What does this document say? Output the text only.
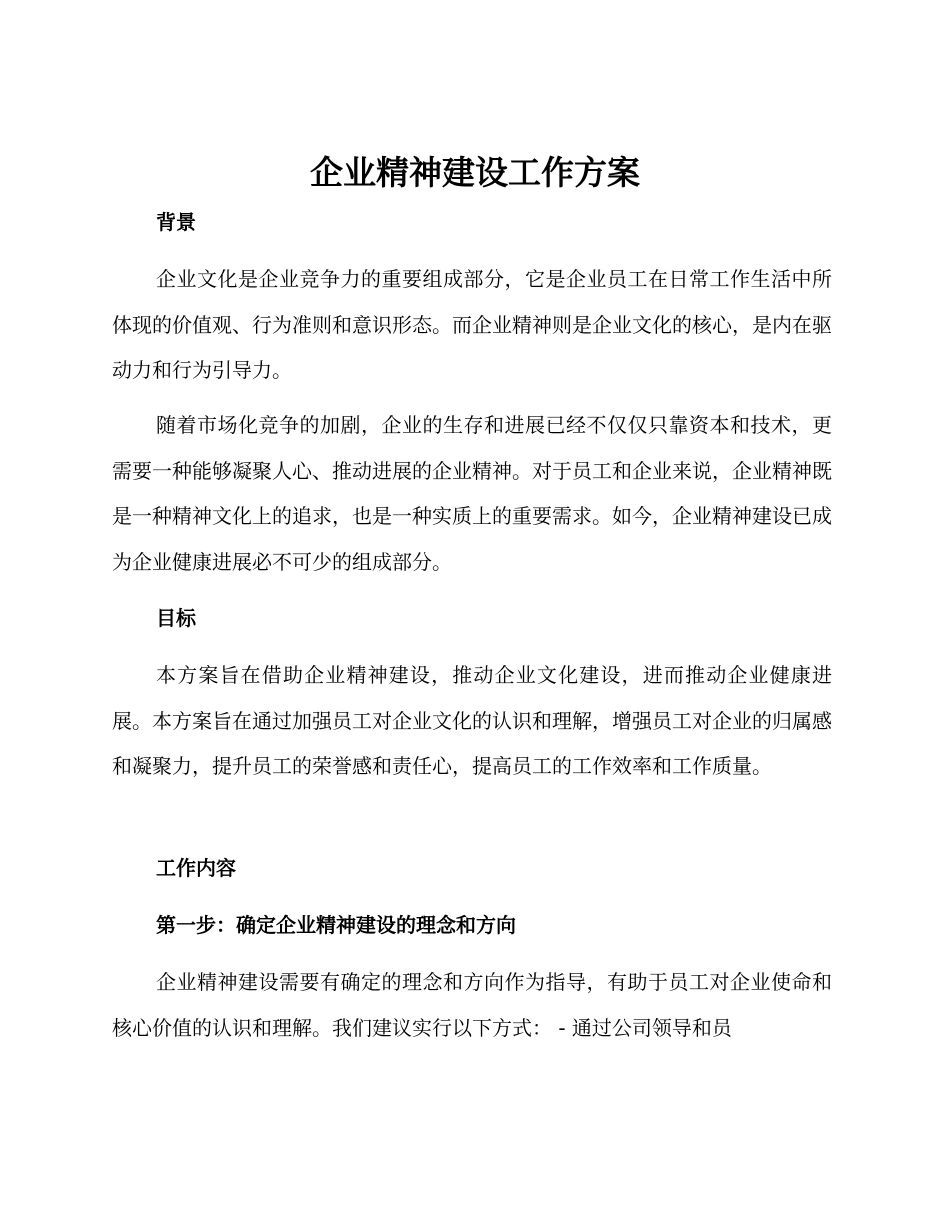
企业精神建设工作方案
背景

企业文化是企业竞争力的重要组成部分，它是企业员工在日常工作生活中所体现的价值观、行为准则和意识形态。而企业精神则是企业文化的核心，是内在驱动力和行为引导力。

随着市场化竞争的加剧，企业的生存和进展已经不仅仅只靠资本和技术，更需要一种能够凝聚人心、推动进展的企业精神。对于员工和企业来说，企业精神既是一种精神文化上的追求，也是一种实质上的重要需求。如今，企业精神建设已成为企业健康进展必不可少的组成部分。

目标

本方案旨在借助企业精神建设，推动企业文化建设，进而推动企业健康进展。本方案旨在通过加强员工对企业文化的认识和理解，增强员工对企业的归属感和凝聚力，提升员工的荣誉感和责任心，提高员工的工作效率和工作质量。

工作内容
第一步：确定企业精神建设的理念和方向

企业精神建设需要有确定的理念和方向作为指导，有助于员工对企业使命和核心价值的认识和理解。我们建议实行以下方式： - 通过公司领导和员
